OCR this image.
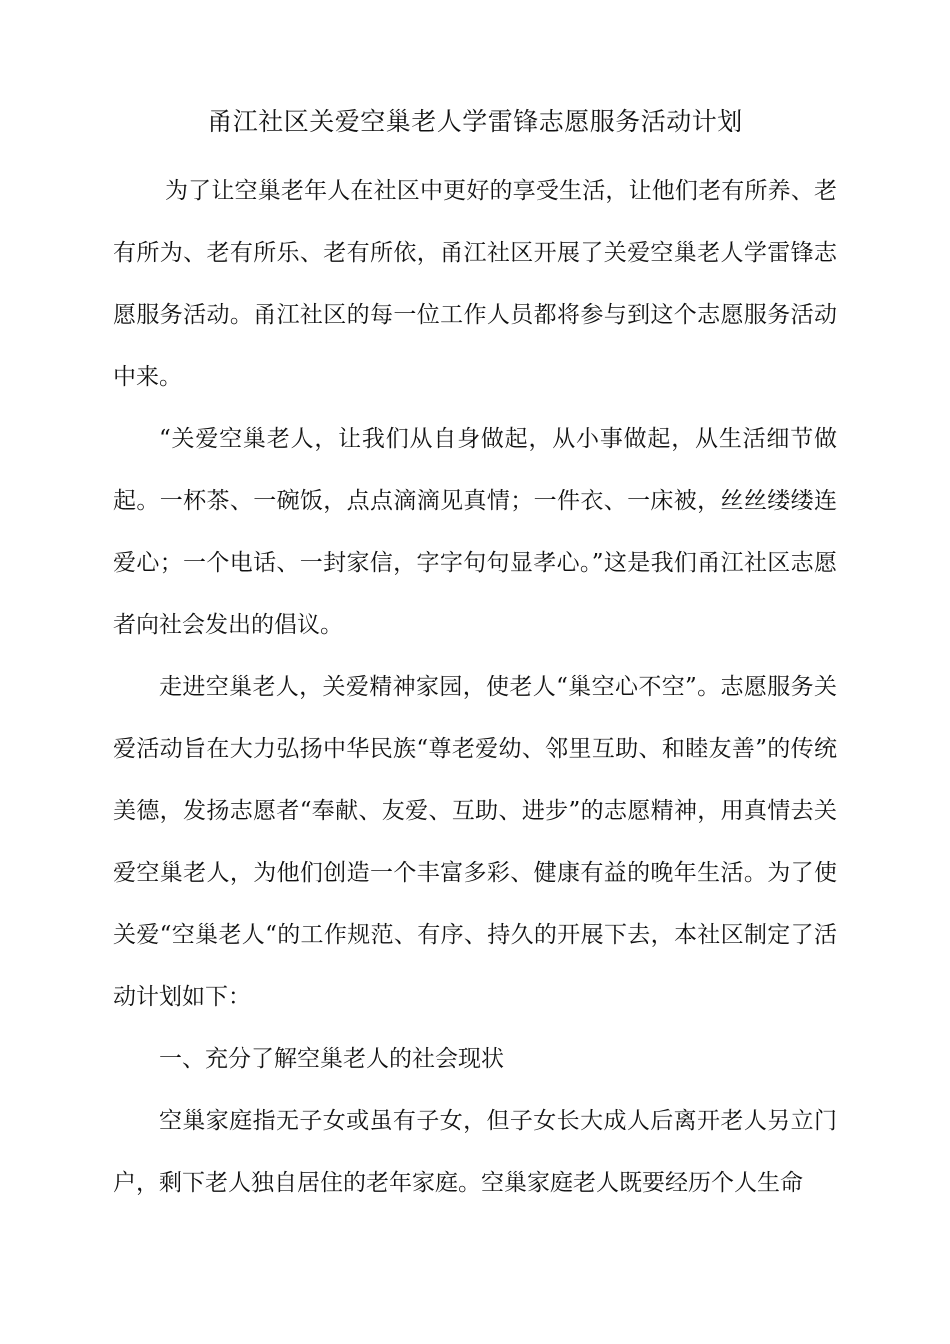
甬江社区关爱空巢老人学雷锋志愿服务活动计划

为了让空巢老年人在社区中更好的享受生活，让他们老有所养、老有所为、老有所乐、老有所依，甬江社区开展了关爱空巢老人学雷锋志愿服务活动。甬江社区的每一位工作人员都将参与到这个志愿服务活动中来。

“关爱空巢老人，让我们从自身做起，从小事做起，从生活细节做起。一杯茶、一碗饭，点点滴滴见真情；一件衣、一床被，丝丝缕缕连爱心；一个电话、一封家信，字字句句显孝心。”这是我们甬江社区志愿者向社会发出的倡议。

走进空巢老人，关爱精神家园，使老人“巢空心不空”。志愿服务关爱活动旨在大力弘扬中华民族“尊老爱幼、邻里互助、和睦友善”的传统美德，发扬志愿者“奉献、友爱、互助、进步”的志愿精神，用真情去关爱空巢老人，为他们创造一个丰富多彩、健康有益的晚年生活。为了使关爱“空巢老人“的工作规范、有序、持久的开展下去，本社区制定了活动计划如下：

一、充分了解空巢老人的社会现状

空巢家庭指无子女或虽有子女，但子女长大成人后离开老人另立门户，剩下老人独自居住的老年家庭。空巢家庭老人既要经历个人生命
